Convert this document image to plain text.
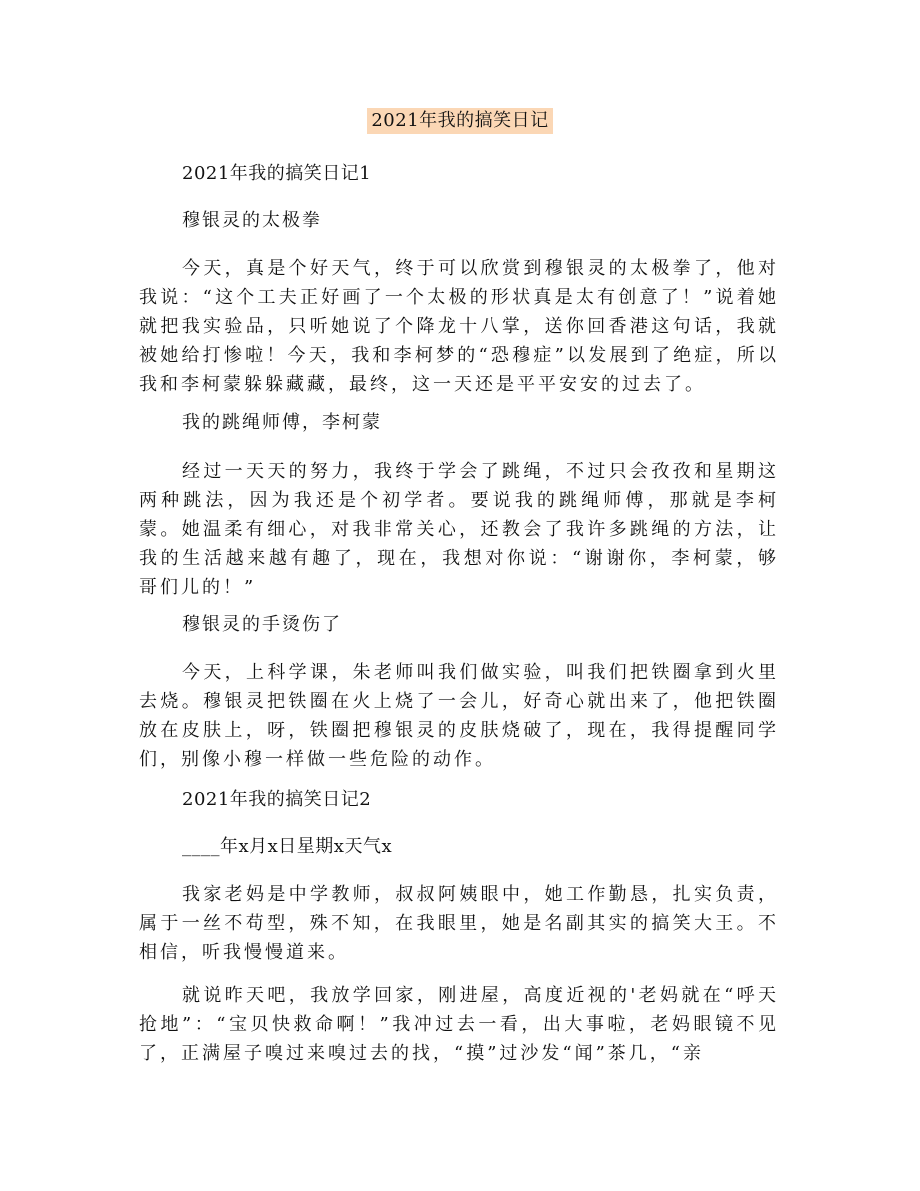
2021年我的搞笑日记
2021年我的搞笑日记1
穆银灵的太极拳

今天，真是个好天气，终于可以欣赏到穆银灵的太极拳了，他对我说：“这个工夫正好画了一个太极的形状真是太有创意了！”说着她就把我实验品，只听她说了个降龙十八掌，送你回香港这句话，我就被她给打惨啦！今天，我和李柯梦的“恐穆症”以发展到了绝症，所以我和李柯蒙躲躲藏藏，最终，这一天还是平平安安的过去了。

我的跳绳师傅，李柯蒙

经过一天天的努力，我终于学会了跳绳，不过只会孜孜和星期这两种跳法，因为我还是个初学者。要说我的跳绳师傅，那就是李柯蒙。她温柔有细心，对我非常关心，还教会了我许多跳绳的方法，让我的生活越来越有趣了，现在，我想对你说：“谢谢你，李柯蒙，够哥们儿的！”

穆银灵的手烫伤了

今天，上科学课，朱老师叫我们做实验，叫我们把铁圈拿到火里去烧。穆银灵把铁圈在火上烧了一会儿，好奇心就出来了，他把铁圈放在皮肤上，呀，铁圈把穆银灵的皮肤烧破了，现在，我得提醒同学们，别像小穆一样做一些危险的动作。

2021年我的搞笑日记2
____年x月x日星期x天气x

我家老妈是中学教师，叔叔阿姨眼中，她工作勤恳，扎实负责，属于一丝不苟型，殊不知，在我眼里，她是名副其实的搞笑大王。不相信，听我慢慢道来。

就说昨天吧，我放学回家，刚进屋，高度近视的'老妈就在“呼天抢地”：“宝贝快救命啊！”我冲过去一看，出大事啦，老妈眼镜不见了，正满屋子嗅过来嗅过去的找，“摸”过沙发“闻”茶几，“亲
